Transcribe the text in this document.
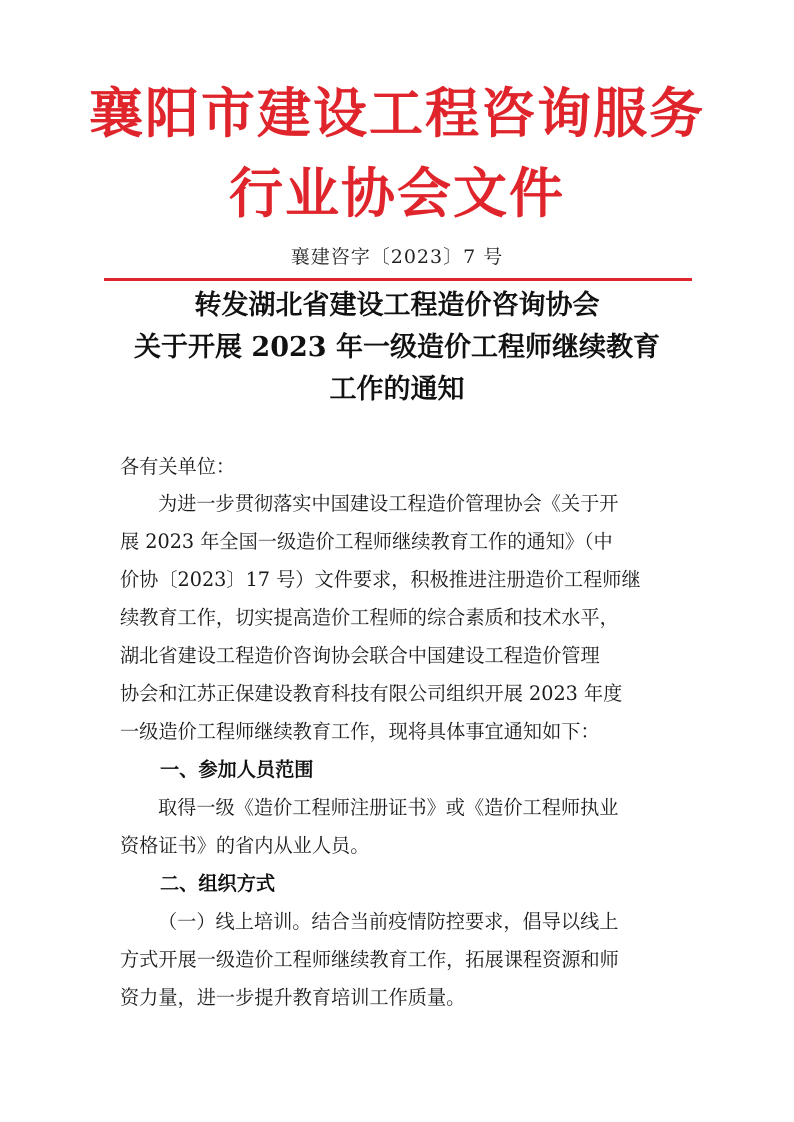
襄阳市建设工程咨询服务
行业协会文件
襄建咨字〔2023〕7 号
转发湖北省建设工程造价咨询协会
关于开展 2023 年一级造价工程师继续教育
工作的通知
各有关单位：
为进一步贯彻落实中国建设工程造价管理协会《关于开
展 2023 年全国一级造价工程师继续教育工作的通知》（中
价协〔2023〕17 号）文件要求，积极推进注册造价工程师继
续教育工作，切实提高造价工程师的综合素质和技术水平，
湖北省建设工程造价咨询协会联合中国建设工程造价管理
协会和江苏正保建设教育科技有限公司组织开展 2023 年度
一级造价工程师继续教育工作，现将具体事宜通知如下：
一、参加人员范围
取得一级《造价工程师注册证书》或《造价工程师执业
资格证书》的省内从业人员。
二、组织方式
（一）线上培训。结合当前疫情防控要求，倡导以线上
方式开展一级造价工程师继续教育工作，拓展课程资源和师
资力量，进一步提升教育培训工作质量。
